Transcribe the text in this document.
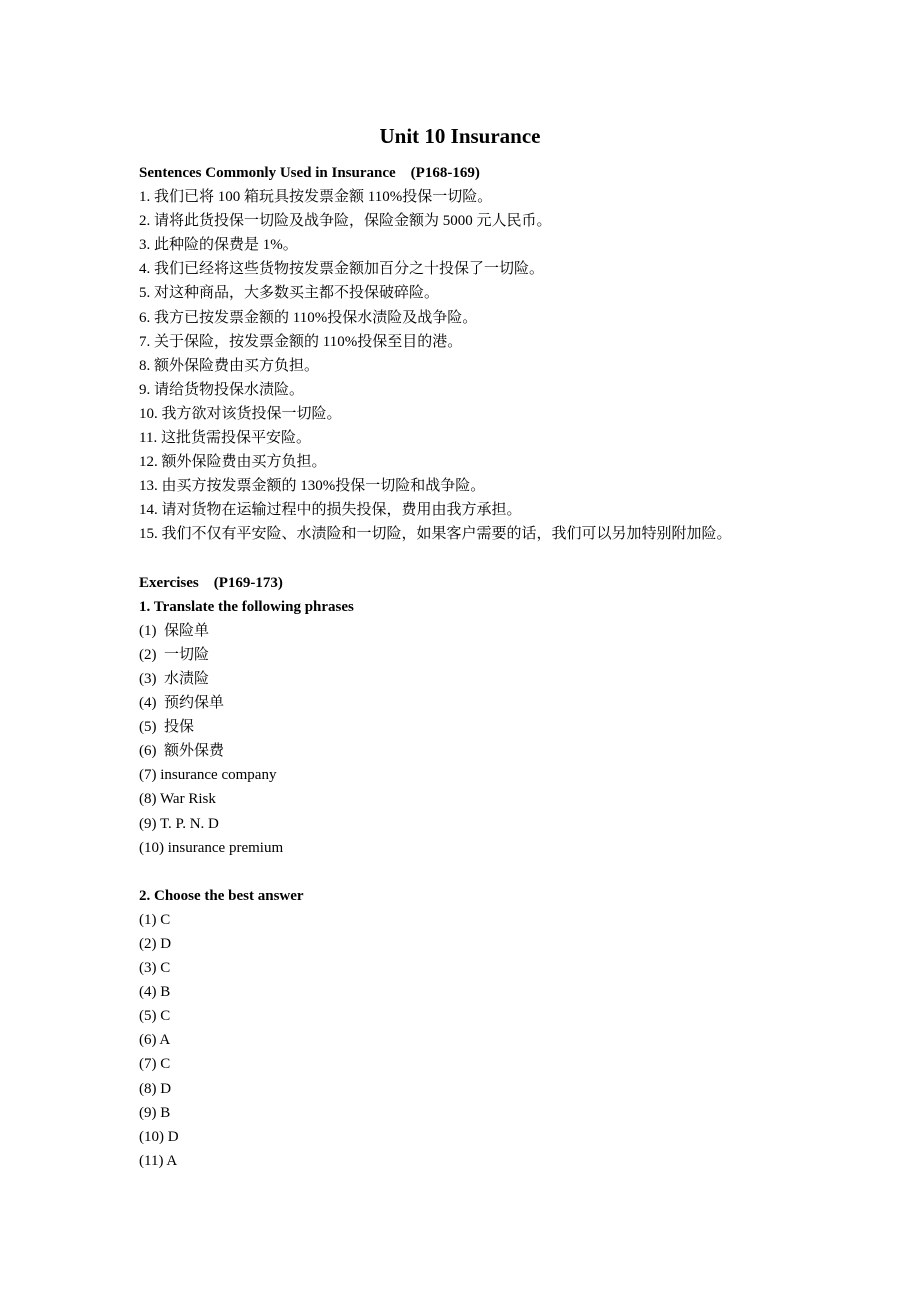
Unit 10 Insurance
Sentences Commonly Used in Insurance    (P168-169)
1. 我们已将 100 箱玩具按发票金额 110%投保一切险。
2. 请将此货投保一切险及战争险，保险金额为 5000 元人民币。
3. 此种险的保费是 1%。
4. 我们已经将这些货物按发票金额加百分之十投保了一切险。
5. 对这种商品，大多数买主都不投保破碎险。
6. 我方已按发票金额的 110%投保水渍险及战争险。
7. 关于保险，按发票金额的 110%投保至目的港。
8. 额外保险费由买方负担。
9. 请给货物投保水渍险。
10. 我方欲对该货投保一切险。
11. 这批货需投保平安险。
12. 额外保险费由买方负担。
13. 由买方按发票金额的 130%投保一切险和战争险。
14. 请对货物在运输过程中的损失投保，费用由我方承担。
15. 我们不仅有平安险、水渍险和一切险，如果客户需要的话，我们可以另加特别附加险。
Exercises    (P169-173)
1. Translate the following phrases
(1)  保险单
(2)  一切险
(3)  水渍险
(4)  预约保单
(5)  投保
(6)  额外保费
(7) insurance company
(8) War Risk
(9) T. P. N. D
(10) insurance premium
2. Choose the best answer
(1) C
(2) D
(3) C
(4) B
(5) C
(6) A
(7) C
(8) D
(9) B
(10) D
(11) A
